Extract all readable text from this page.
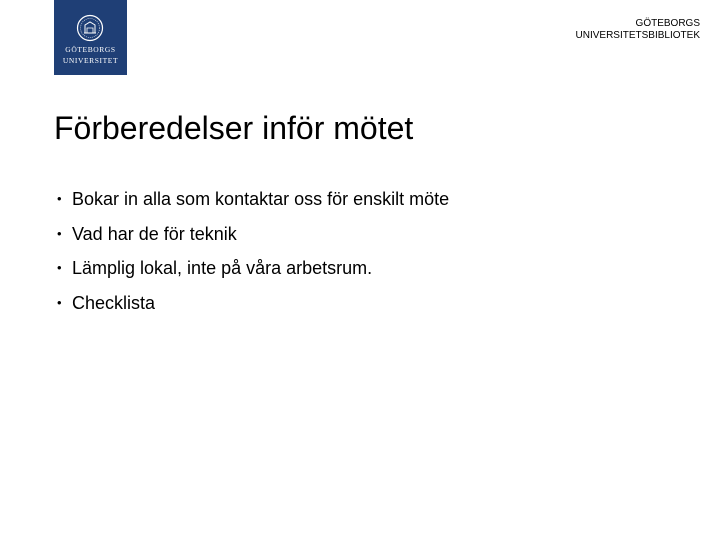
GÖTEBORGS
UNIVERSITET
GÖTEBORGS
UNIVERSITETSBIBLIOTEK
Förberedelser inför mötet
• Bokar in alla som kontaktar oss för enskilt möte
• Vad har de för teknik
• Lämplig lokal, inte på våra arbetsrum.
• Checklista
